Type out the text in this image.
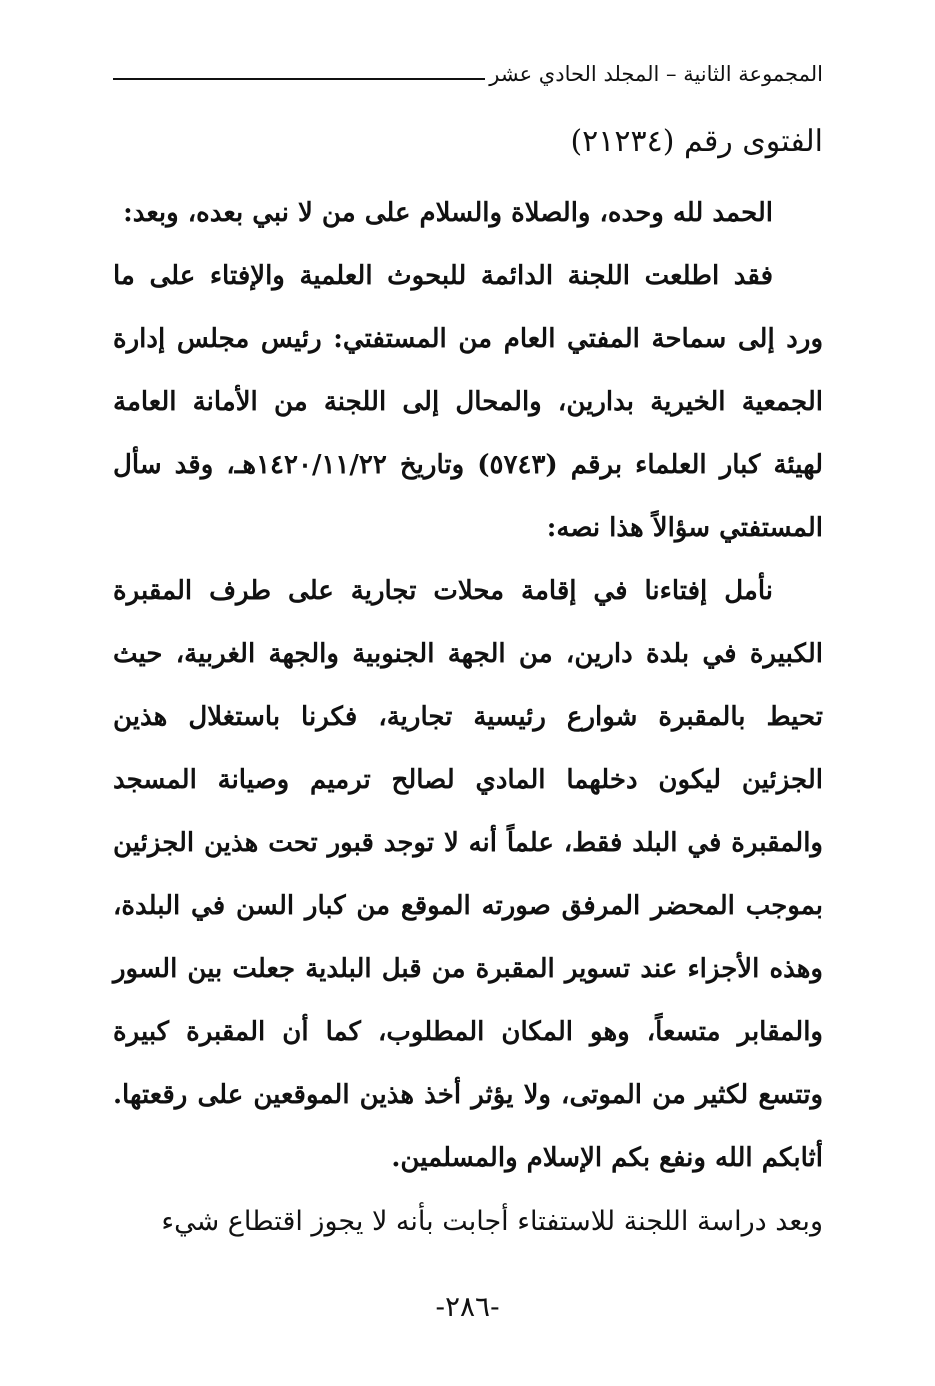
المجموعة الثانية – المجلد الحادي عشر
الفتوى رقم (٢١٢٣٤)

الحمد لله وحده، والصلاة والسلام على من لا نبي بعده، وبعد:

فقد اطلعت اللجنة الدائمة للبحوث العلمية والإفتاء على ما ورد إلى سماحة المفتي العام من المستفتي: رئيس مجلس إدارة الجمعية الخيرية بدارين، والمحال إلى اللجنة من الأمانة العامة لهيئة كبار العلماء برقم (٥٧٤٣) وتاريخ ١٤٢٠/١١/٢٢هـ، وقد سأل المستفتي سؤالاً هذا نصه:

نأمل إفتاءنا في إقامة محلات تجارية على طرف المقبرة الكبيرة في بلدة دارين، من الجهة الجنوبية والجهة الغربية، حيث تحيط بالمقبرة شوارع رئيسية تجارية، فكرنا باستغلال هذين الجزئين ليكون دخلهما المادي لصالح ترميم وصيانة المسجد والمقبرة في البلد فقط، علماً أنه لا توجد قبور تحت هذين الجزئين بموجب المحضر المرفق صورته الموقع من كبار السن في البلدة، وهذه الأجزاء عند تسوير المقبرة من قبل البلدية جعلت بين السور والمقابر متسعاً، وهو المكان المطلوب، كما أن المقبرة كبيرة وتتسع لكثير من الموتى، ولا يؤثر أخذ هذين الموقعين على رقعتها. أثابكم الله ونفع بكم الإسلام والمسلمين.

وبعد دراسة اللجنة للاستفتاء أجابت بأنه لا يجوز اقتطاع شيء

-٢٨٦-
